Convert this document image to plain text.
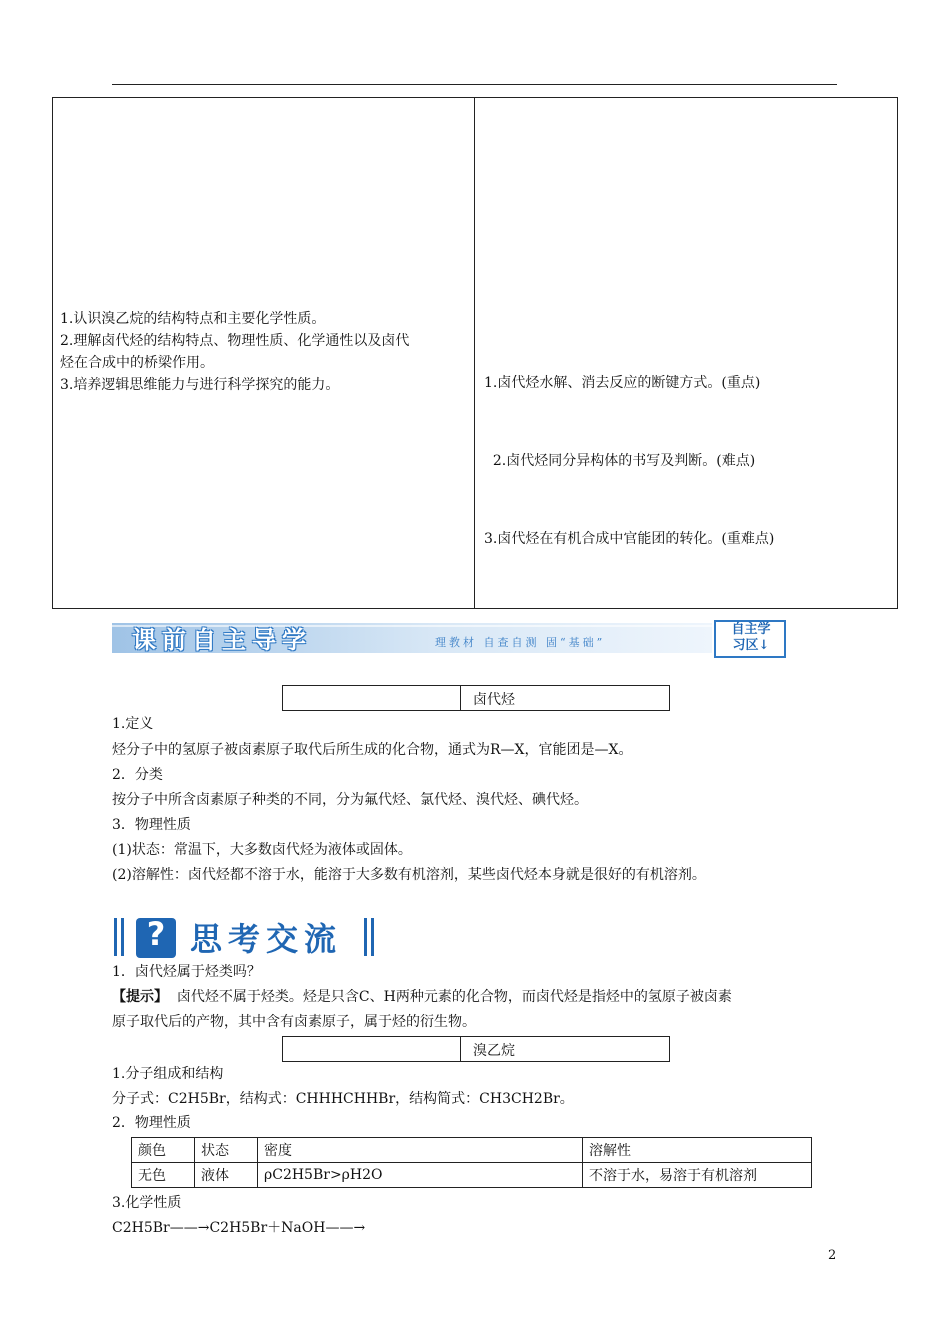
1.认识溴乙烷的结构特点和主要化学性质。
2.理解卤代烃的结构特点、物理性质、化学通性以及卤代
烃在合成中的桥梁作用。
3.培养逻辑思维能力与进行科学探究的能力。

	1.卤代烃水解、消去反应的断键方式。(重点)

2.卤代烃同分异构体的书写及判断。(难点)

3.卤代烃在有机合成中官能团的转化。(重难点)

课前自主导学	理教材 自查自测 固“基础”
自主学
习区↓
卤代烃
1.定义
烃分子中的氢原子被卤素原子取代后所生成的化合物，通式为R—X，官能团是—X。
2．分类
按分子中所含卤素原子种类的不同，分为氟代烃、氯代烃、溴代烃、碘代烃。
3．物理性质
(1)状态：常温下，大多数卤代烃为液体或固体。
(2)溶解性：卤代烃都不溶于水，能溶于大多数有机溶剂，某些卤代烃本身就是很好的有机溶剂。
? 思考交流
1．卤代烃属于烃类吗？
【提示】  卤代烃不属于烃类。烃是只含C、H两种元素的化合物，而卤代烃是指烃中的氢原子被卤素
原子取代后的产物，其中含有卤素原子，属于烃的衍生物。
溴乙烷
1.分子组成和结构
分子式：C2H5Br，结构式：CHHHCHHBr，结构简式：CH3CH2Br。
2．物理性质
颜色	状态	密度	溶解性
无色	液体	ρC2H5Br>ρH2O	不溶于水，易溶于有机溶剂
3.化学性质
C2H5Br——→C2H5Br＋NaOH——→
2
